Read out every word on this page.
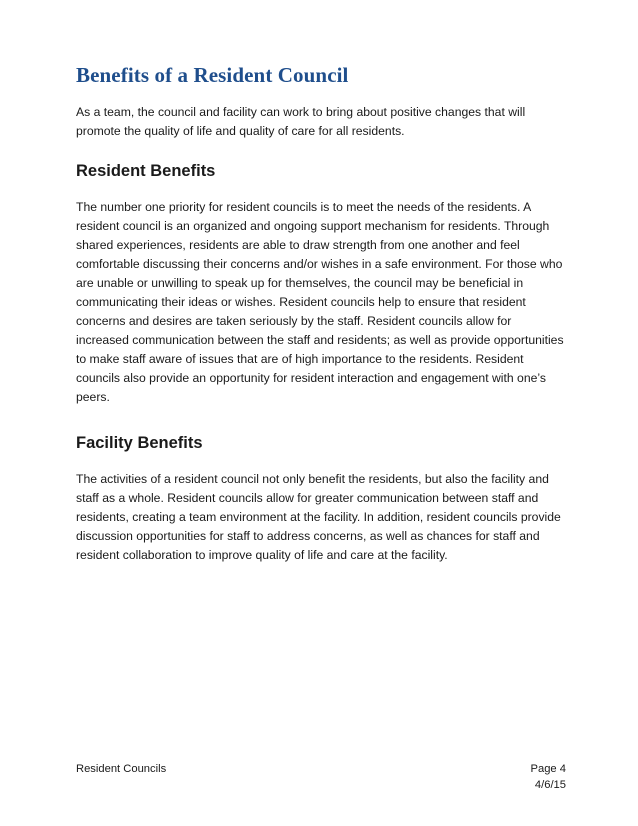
Benefits of a Resident Council

As a team, the council and facility can work to bring about positive changes that will promote the quality of life and quality of care for all residents.

Resident Benefits

The number one priority for resident councils is to meet the needs of the residents. A resident council is an organized and ongoing support mechanism for residents. Through shared experiences, residents are able to draw strength from one another and feel comfortable discussing their concerns and/or wishes in a safe environment. For those who are unable or unwilling to speak up for themselves, the council may be beneficial in communicating their ideas or wishes. Resident councils help to ensure that resident concerns and desires are taken seriously by the staff. Resident councils allow for increased communication between the staff and residents; as well as provide opportunities to make staff aware of issues that are of high importance to the residents. Resident councils also provide an opportunity for resident interaction and engagement with one’s peers.

Facility Benefits

The activities of a resident council not only benefit the residents, but also the facility and staff as a whole. Resident councils allow for greater communication between staff and residents, creating a team environment at the facility. In addition, resident councils provide discussion opportunities for staff to address concerns, as well as chances for staff and resident collaboration to improve quality of life and care at the facility.

Resident Councils	Page 4
4/6/15
